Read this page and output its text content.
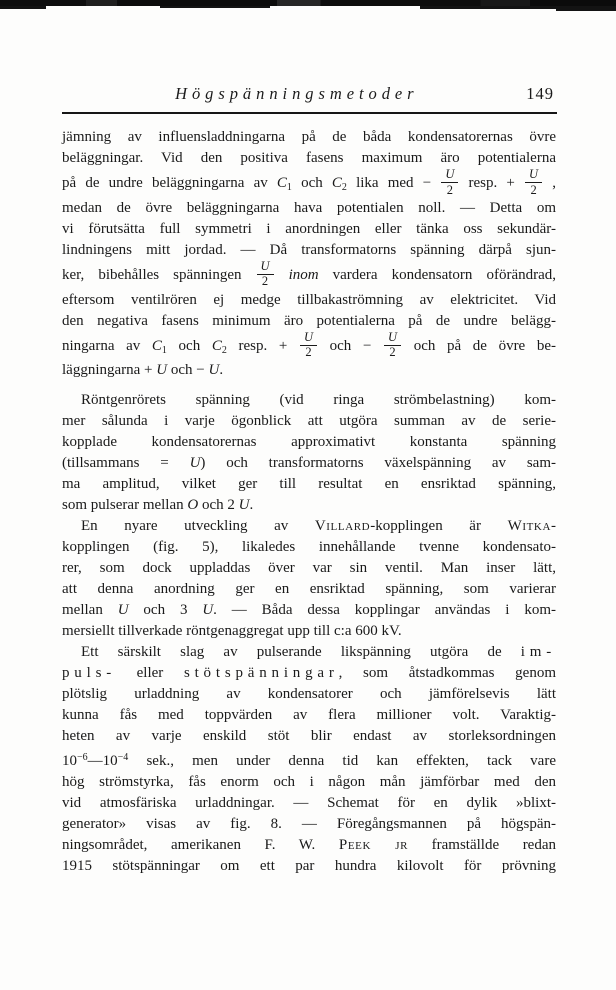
Högspänningsmetoder	149
jämning av influensladdningarna på de båda kondensatorernas övre
beläggningar. Vid den positiva fasens maximum äro potentialerna
på de undre beläggningarna av $C_1$ och $C_2$ lika med − $\frac{U}{2}$ resp. + $\frac{U}{2}$ ,
medan de övre beläggningarna hava potentialen noll. — Detta om
vi förutsätta full symmetri i anordningen eller tänka oss sekundär-
lindningens mitt jordad. — Då transformatorns spänning därpå sjun-
ker, bibehålles spänningen $\frac{U}{2}$ inom vardera kondensatorn oförändrad,
eftersom ventilrören ej medge tillbakaströmning av elektricitet. Vid
den negativa fasens minimum äro potentialerna på de undre belägg-
ningarna av $C_1$ och $C_2$ resp. + $\frac{U}{2}$ och − $\frac{U}{2}$ och på de övre be-
läggningarna + U och − U.
Röntgenrörets spänning (vid ringa strömbelastning) kom-
mer sålunda i varje ögonblick att utgöra summan av de serie-
kopplade kondensatorernas approximativt konstanta spänning
(tillsammans = U) och transformatorns växelspänning av sam-
ma amplitud, vilket ger till resultat en ensriktad spänning,
som pulserar mellan O och 2 U.
En nyare utveckling av Villard-kopplingen är Witka-
kopplingen (fig. 5), likaledes innehållande tvenne kondensato-
rer, som dock uppladdas över var sin ventil. Man inser lätt,
att denna anordning ger en ensriktad spänning, som varierar
mellan U och 3 U. — Båda dessa kopplingar användas i kom-
mersiellt tillverkade röntgenaggregat upp till c:a 600 kV.
Ett särskilt slag av pulserande likspänning utgöra de im-
puls- eller stötspänningar, som åtstadkommas genom
plötslig urladdning av kondensatorer och jämförelsevis lätt
kunna fås med toppvärden av flera millioner volt. Varaktig-
heten av varje enskild stöt blir endast av storleksordningen
$10^{-6}—10^{-4}$ sek., men under denna tid kan effekten, tack vare
hög strömstyrka, fås enorm och i någon mån jämförbar med den
vid atmosfäriska urladdningar. — Schemat för en dylik »blixt-
generator» visas av fig. 8. — Föregångsmannen på högspän-
ningsområdet, amerikanen F. W. Peek jr framställde redan
1915 stötspänningar om ett par hundra kilovolt för prövning
